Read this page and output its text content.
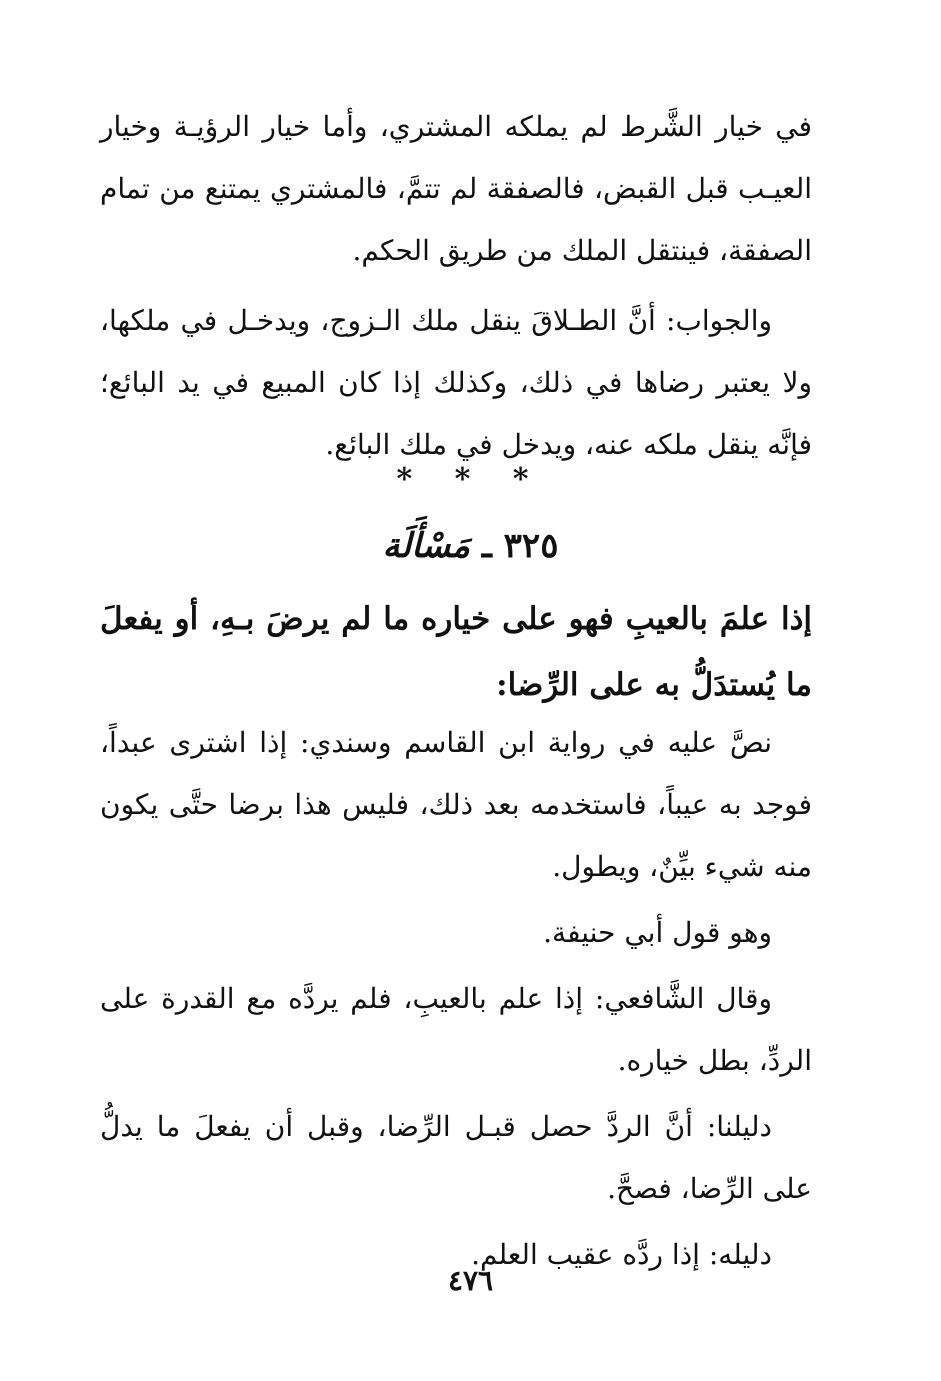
في خيار الشَّرط لم يملكه المشتري، وأما خيار الرؤيـة وخيار العيـب قبل القبض، فالصفقة لم تتمَّ، فالمشتري يمتنع من تمام الصفقة، فينتقل الملك من طريق الحكم.

والجواب: أنَّ الطـلاقَ ينقل ملك الـزوج، ويدخـل في ملكها، ولا يعتبر رضاها في ذلك، وكذلك إذا كان المبيع في يد البائع؛ فإنَّه ينقل ملكه عنه، ويدخل في ملك البائع.

* * *
٣٢٥ ـ مَسْأَلَة

إذا علمَ بالعيبِ فهو على خياره ما لم يرضَ بـهِ، أو يفعلَ ما يُستدَلُّ به على الرِّضا:

نصَّ عليه في رواية ابن القاسم وسندي: إذا اشترى عبداً، فوجد به عيباً، فاستخدمه بعد ذلك، فليس هذا برضا حتَّى يكون منه شيء بيِّنٌ، ويطول.

وهو قول أبي حنيفة.

وقال الشَّافعي: إذا علم بالعيبِ، فلم يردَّه مع القدرة على الردِّ، بطل خياره.

دليلنا: أنَّ الردَّ حصل قبـل الرِّضا، وقبل أن يفعلَ ما يدلُّ على الرِّضا، فصحَّ.

دليله: إذا ردَّه عقيب العلم.

٤٧٦
